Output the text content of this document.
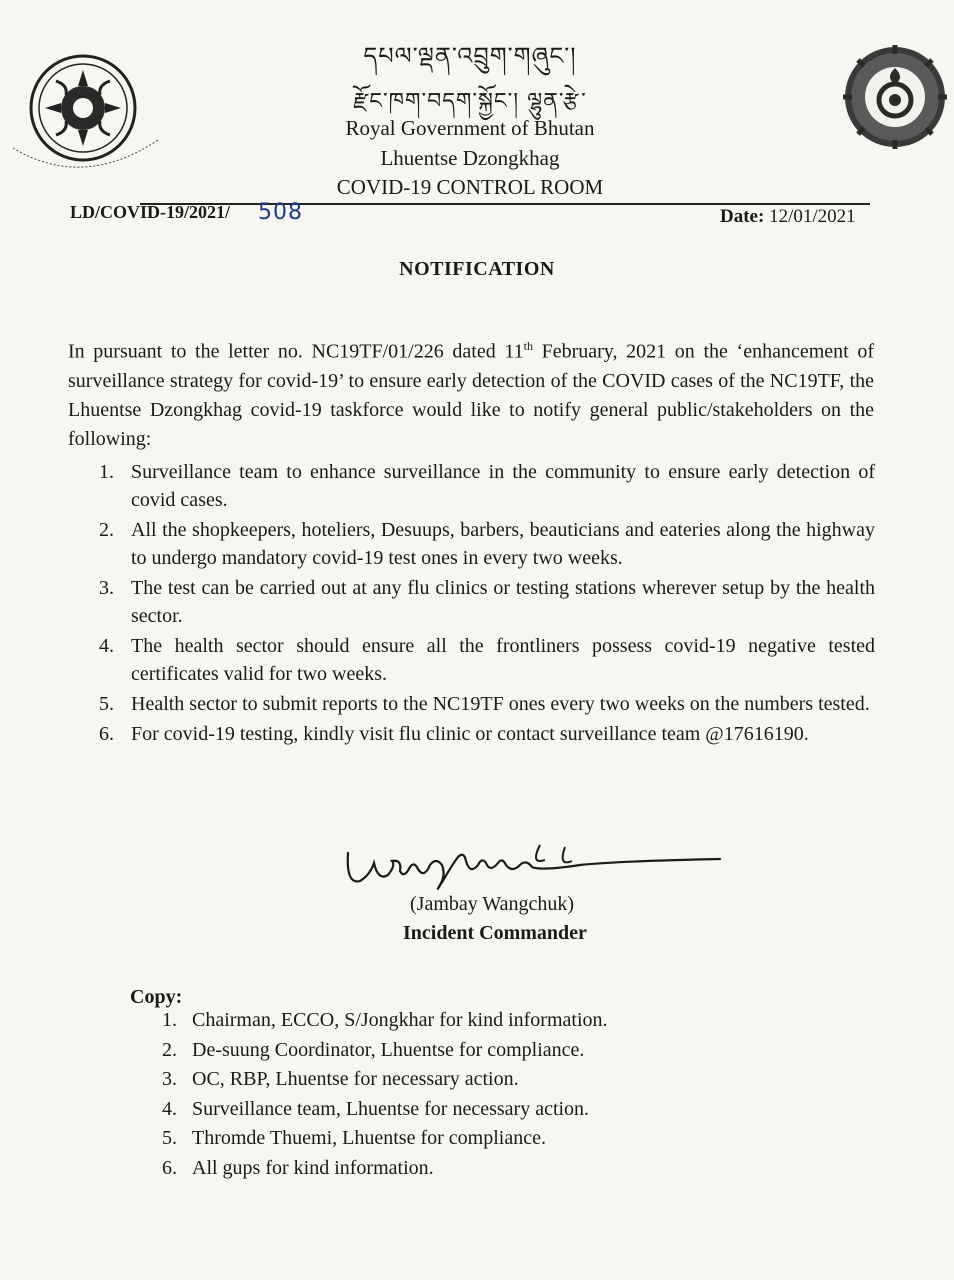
དཔལ་ལྡན་འབྲུག་གཞུང་།
རྫོང་ཁག་བདག་སྐྱོང་། ལྷུན་རྩེ་
Royal Government of Bhutan
Lhuentse Dzongkhag
COVID-19 CONTROL ROOM
LD/COVID-19/2021/ 508	Date: 12/01/2021
NOTIFICATION

In pursuant to the letter no. NC19TF/01/226 dated 11th February, 2021 on the ‘enhancement of surveillance strategy for covid-19’ to ensure early detection of the COVID cases of the NC19TF, the Lhuentse Dzongkhag covid-19 taskforce would like to notify general public/stakeholders on the following:

1. Surveillance team to enhance surveillance in the community to ensure early detection of covid cases.
2. All the shopkeepers, hoteliers, Desuups, barbers, beauticians and eateries along the highway to undergo mandatory covid-19 test ones in every two weeks.
3. The test can be carried out at any flu clinics or testing stations wherever setup by the health sector.
4. The health sector should ensure all the frontliners possess covid-19 negative tested certificates valid for two weeks.
5. Health sector to submit reports to the NC19TF ones every two weeks on the numbers tested.
6. For covid-19 testing, kindly visit flu clinic or contact surveillance team @17616190.
(Jambay Wangchuk)
Incident Commander
Copy:
1. Chairman, ECCO, S/Jongkhar for kind information.
2. De-suung Coordinator, Lhuentse for compliance.
3. OC, RBP, Lhuentse for necessary action.
4. Surveillance team, Lhuentse for necessary action.
5. Thromde Thuemi, Lhuentse for compliance.
6. All gups for kind information.
